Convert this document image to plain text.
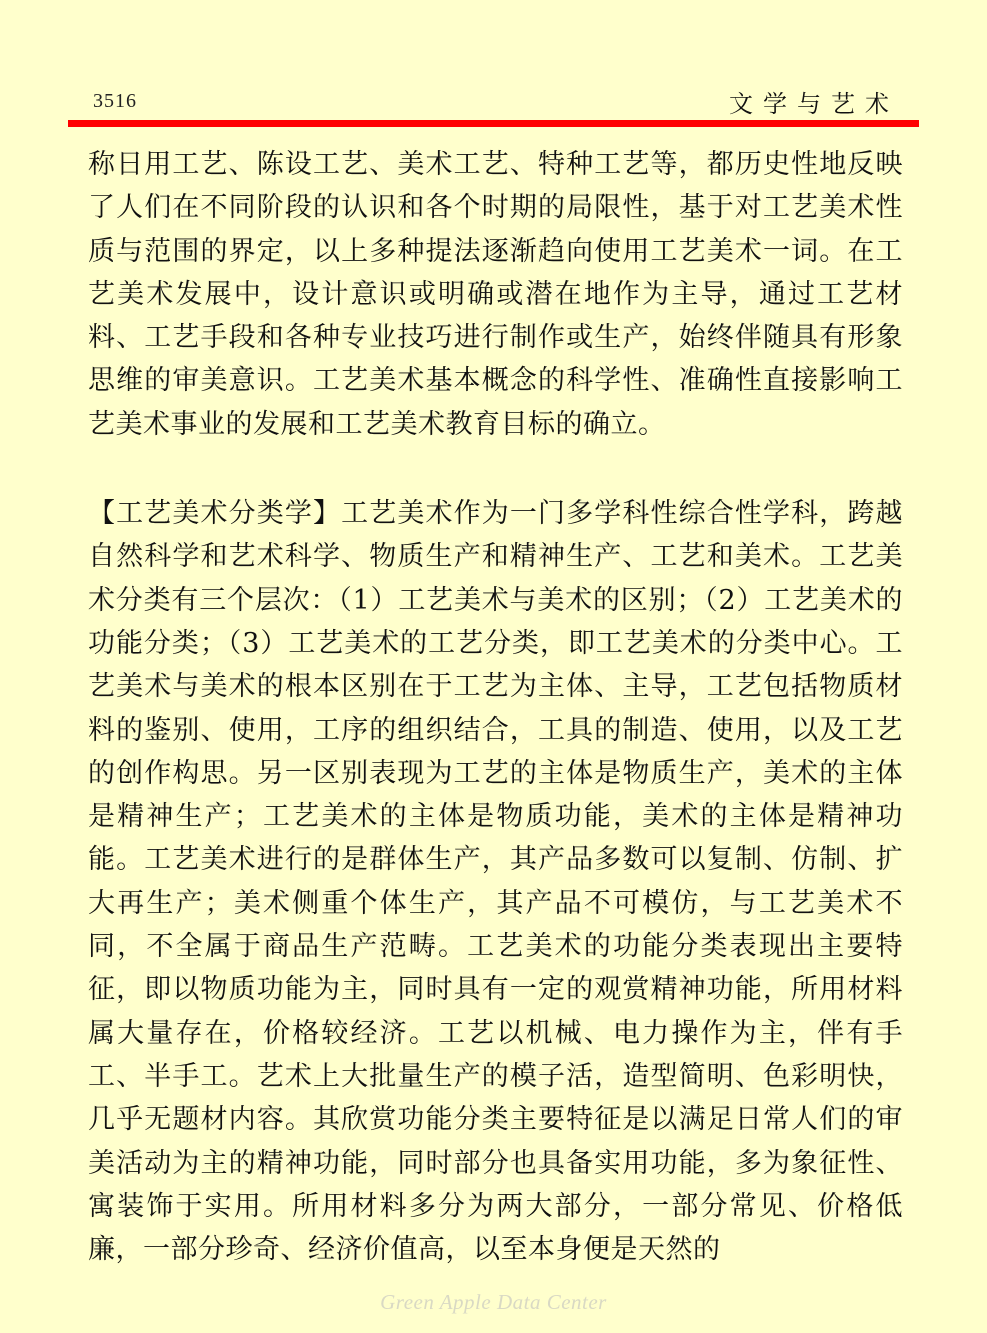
3516	文学与艺术

称日用工艺、陈设工艺、美术工艺、特种工艺等，都历史性地反映了人们在不同阶段的认识和各个时期的局限性，基于对工艺美术性质与范围的界定，以上多种提法逐渐趋向使用工艺美术一词。在工艺美术发展中，设计意识或明确或潜在地作为主导，通过工艺材料、工艺手段和各种专业技巧进行制作或生产，始终伴随具有形象思维的审美意识。工艺美术基本概念的科学性、准确性直接影响工艺美术事业的发展和工艺美术教育目标的确立。

【工艺美术分类学】工艺美术作为一门多学科性综合性学科，跨越自然科学和艺术科学、物质生产和精神生产、工艺和美术。工艺美术分类有三个层次：（1）工艺美术与美术的区别；（2）工艺美术的功能分类；（3）工艺美术的工艺分类，即工艺美术的分类中心。工艺美术与美术的根本区别在于工艺为主体、主导，工艺包括物质材料的鉴别、使用，工序的组织结合，工具的制造、使用，以及工艺的创作构思。另一区别表现为工艺的主体是物质生产，美术的主体是精神生产；工艺美术的主体是物质功能，美术的主体是精神功能。工艺美术进行的是群体生产，其产品多数可以复制、仿制、扩大再生产；美术侧重个体生产，其产品不可模仿，与工艺美术不同，不全属于商品生产范畴。工艺美术的功能分类表现出主要特征，即以物质功能为主，同时具有一定的观赏精神功能，所用材料属大量存在，价格较经济。工艺以机械、电力操作为主，伴有手工、半手工。艺术上大批量生产的模子活，造型简明、色彩明快，几乎无题材内容。其欣赏功能分类主要特征是以满足日常人们的审美活动为主的精神功能，同时部分也具备实用功能，多为象征性、寓装饰于实用。所用材料多分为两大部分，一部分常见、价格低廉，一部分珍奇、经济价值高，以至本身便是天然的

Green Apple Data Center
